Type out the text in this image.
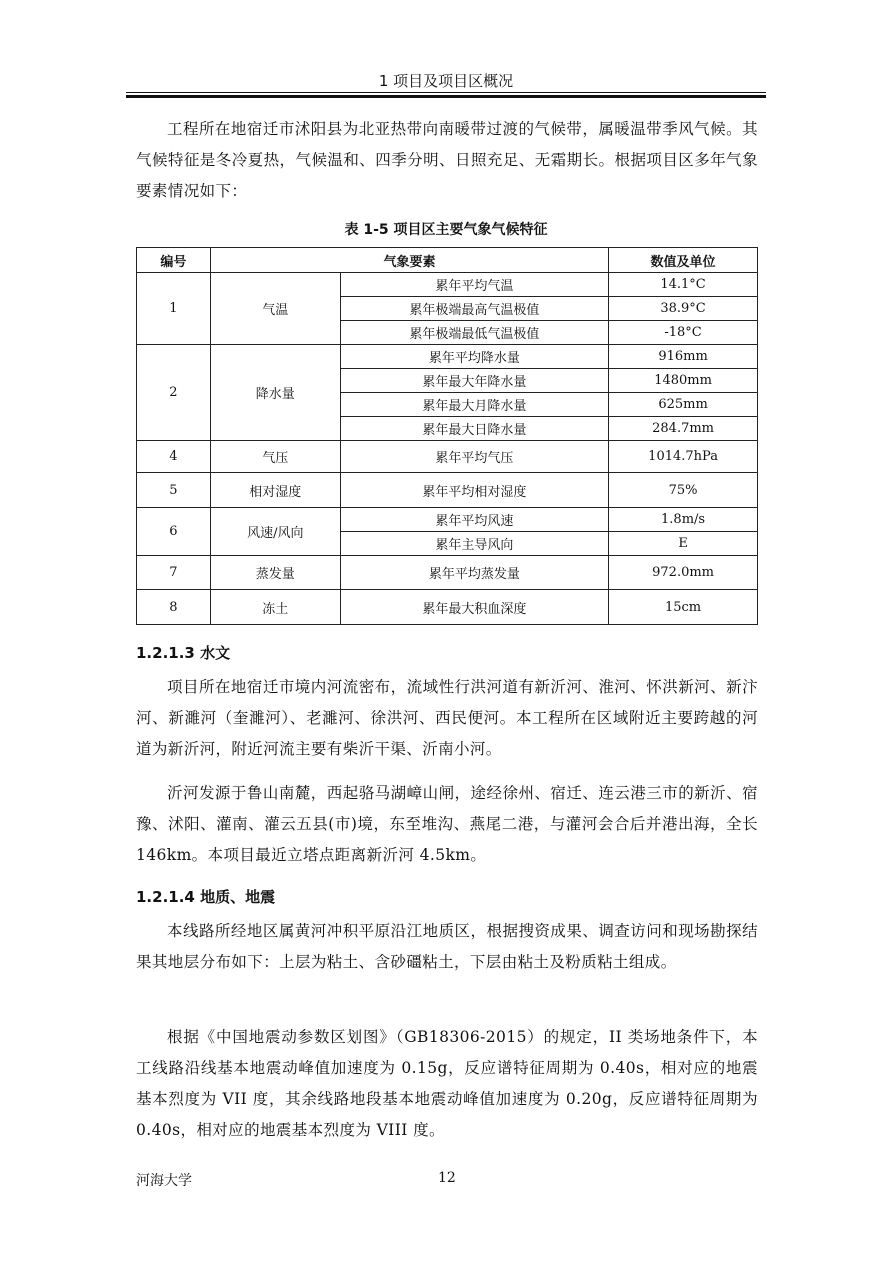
1 项目及项目区概况

工程所在地宿迁市沭阳县为北亚热带向南暖带过渡的气候带，属暖温带季风气候。其气候特征是冬冷夏热，气候温和、四季分明、日照充足、无霜期长。根据项目区多年气象要素情况如下：

表 1-5 项目区主要气象气候特征
编号	气象要素		数值及单位
1	气温	累年平均气温	14.1°C
		累年极端最高气温极值	38.9°C
		累年极端最低气温极值	-18°C
2	降水量	累年平均降水量	916mm
		累年最大年降水量	1480mm
		累年最大月降水量	625mm
		累年最大日降水量	284.7mm
4	气压	累年平均气压	1014.7hPa
5	相对湿度	累年平均相对湿度	75%
6	风速/风向	累年平均风速	1.8m/s
		累年主导风向	E
7	蒸发量	累年平均蒸发量	972.0mm
8	冻土	累年最大积血深度	15cm
1.2.1.3 水文

项目所在地宿迁市境内河流密布，流域性行洪河道有新沂河、淮河、怀洪新河、新汴河、新濉河（奎濉河）、老濉河、徐洪河、西民便河。本工程所在区域附近主要跨越的河道为新沂河，附近河流主要有柴沂干渠、沂南小河。

沂河发源于鲁山南麓，西起骆马湖嶂山闸，途经徐州、宿迁、连云港三市的新沂、宿豫、沭阳、灌南、灌云五县(市)境，东至堆沟、燕尾二港，与灌河会合后并港出海，全长 146km。本项目最近立塔点距离新沂河 4.5km。

1.2.1.4 地质、地震

本线路所经地区属黄河冲积平原沿江地质区，根据搜资成果、调查访问和现场勘探结果其地层分布如下：上层为粘土、含砂礓粘土，下层由粘土及粉质粘土组成。

根据《中国地震动参数区划图》（GB18306-2015）的规定，II 类场地条件下，本工线路沿线基本地震动峰值加速度为 0.15g，反应谱特征周期为 0.40s，相对应的地震基本烈度为 VII 度，其余线路地段基本地震动峰值加速度为 0.20g，反应谱特征周期为 0.40s，相对应的地震基本烈度为 VIII 度。

河海大学	12
